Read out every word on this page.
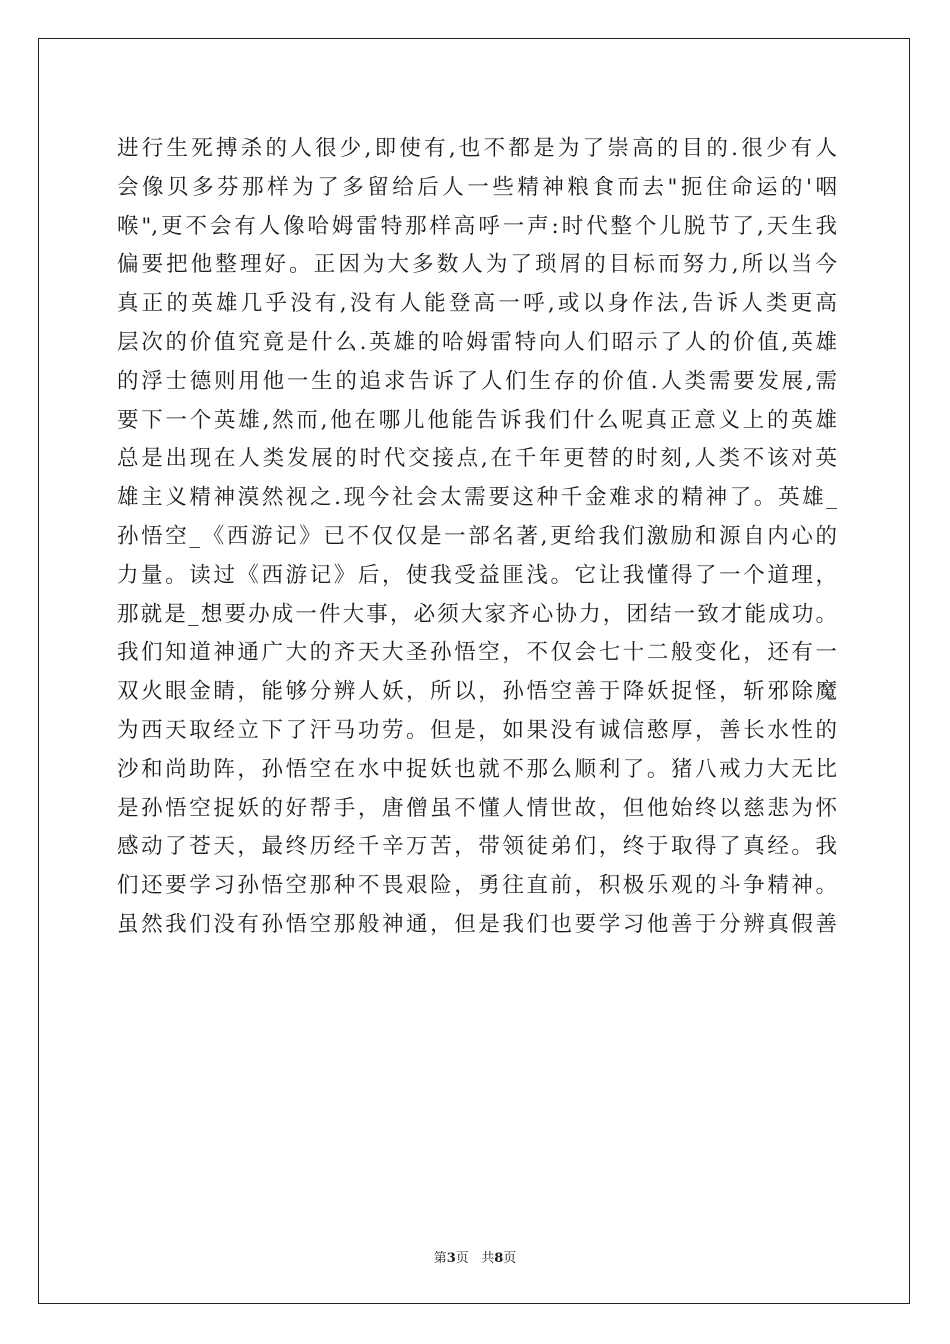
进行生死搏杀的人很少,即使有,也不都是为了崇高的目的.很少有人
会像贝多芬那样为了多留给后人一些精神粮食而去"扼住命运的'咽
喉",更不会有人像哈姆雷特那样高呼一声:时代整个儿脱节了,天生我
偏要把他整理好。正因为大多数人为了琐屑的目标而努力,所以当今
真正的英雄几乎没有,没有人能登高一呼,或以身作法,告诉人类更高
层次的价值究竟是什么.英雄的哈姆雷特向人们昭示了人的价值,英雄
的浮士德则用他一生的追求告诉了人们生存的价值.人类需要发展,需
要下一个英雄,然而,他在哪儿他能告诉我们什么呢真正意义上的英雄
总是出现在人类发展的时代交接点,在千年更替的时刻,人类不该对英
雄主义精神漠然视之.现今社会太需要这种千金难求的精神了。英雄_
孙悟空_《西游记》已不仅仅是一部名著,更给我们激励和源自内心的
力量。读过《西游记》后，使我受益匪浅。它让我懂得了一个道理，
那就是_想要办成一件大事，必须大家齐心协力，团结一致才能成功。
我们知道神通广大的齐天大圣孙悟空，不仅会七十二般变化，还有一
双火眼金睛，能够分辨人妖，所以，孙悟空善于降妖捉怪，斩邪除魔
为西天取经立下了汗马功劳。但是，如果没有诚信憨厚，善长水性的
沙和尚助阵，孙悟空在水中捉妖也就不那么顺利了。猪八戒力大无比
是孙悟空捉妖的好帮手，唐僧虽不懂人情世故，但他始终以慈悲为怀
感动了苍天，最终历经千辛万苦，带领徒弟们，终于取得了真经。我
们还要学习孙悟空那种不畏艰险，勇往直前，积极乐观的斗争精神。
虽然我们没有孙悟空那般神通，但是我们也要学习他善于分辨真假善
第3页 共8页
